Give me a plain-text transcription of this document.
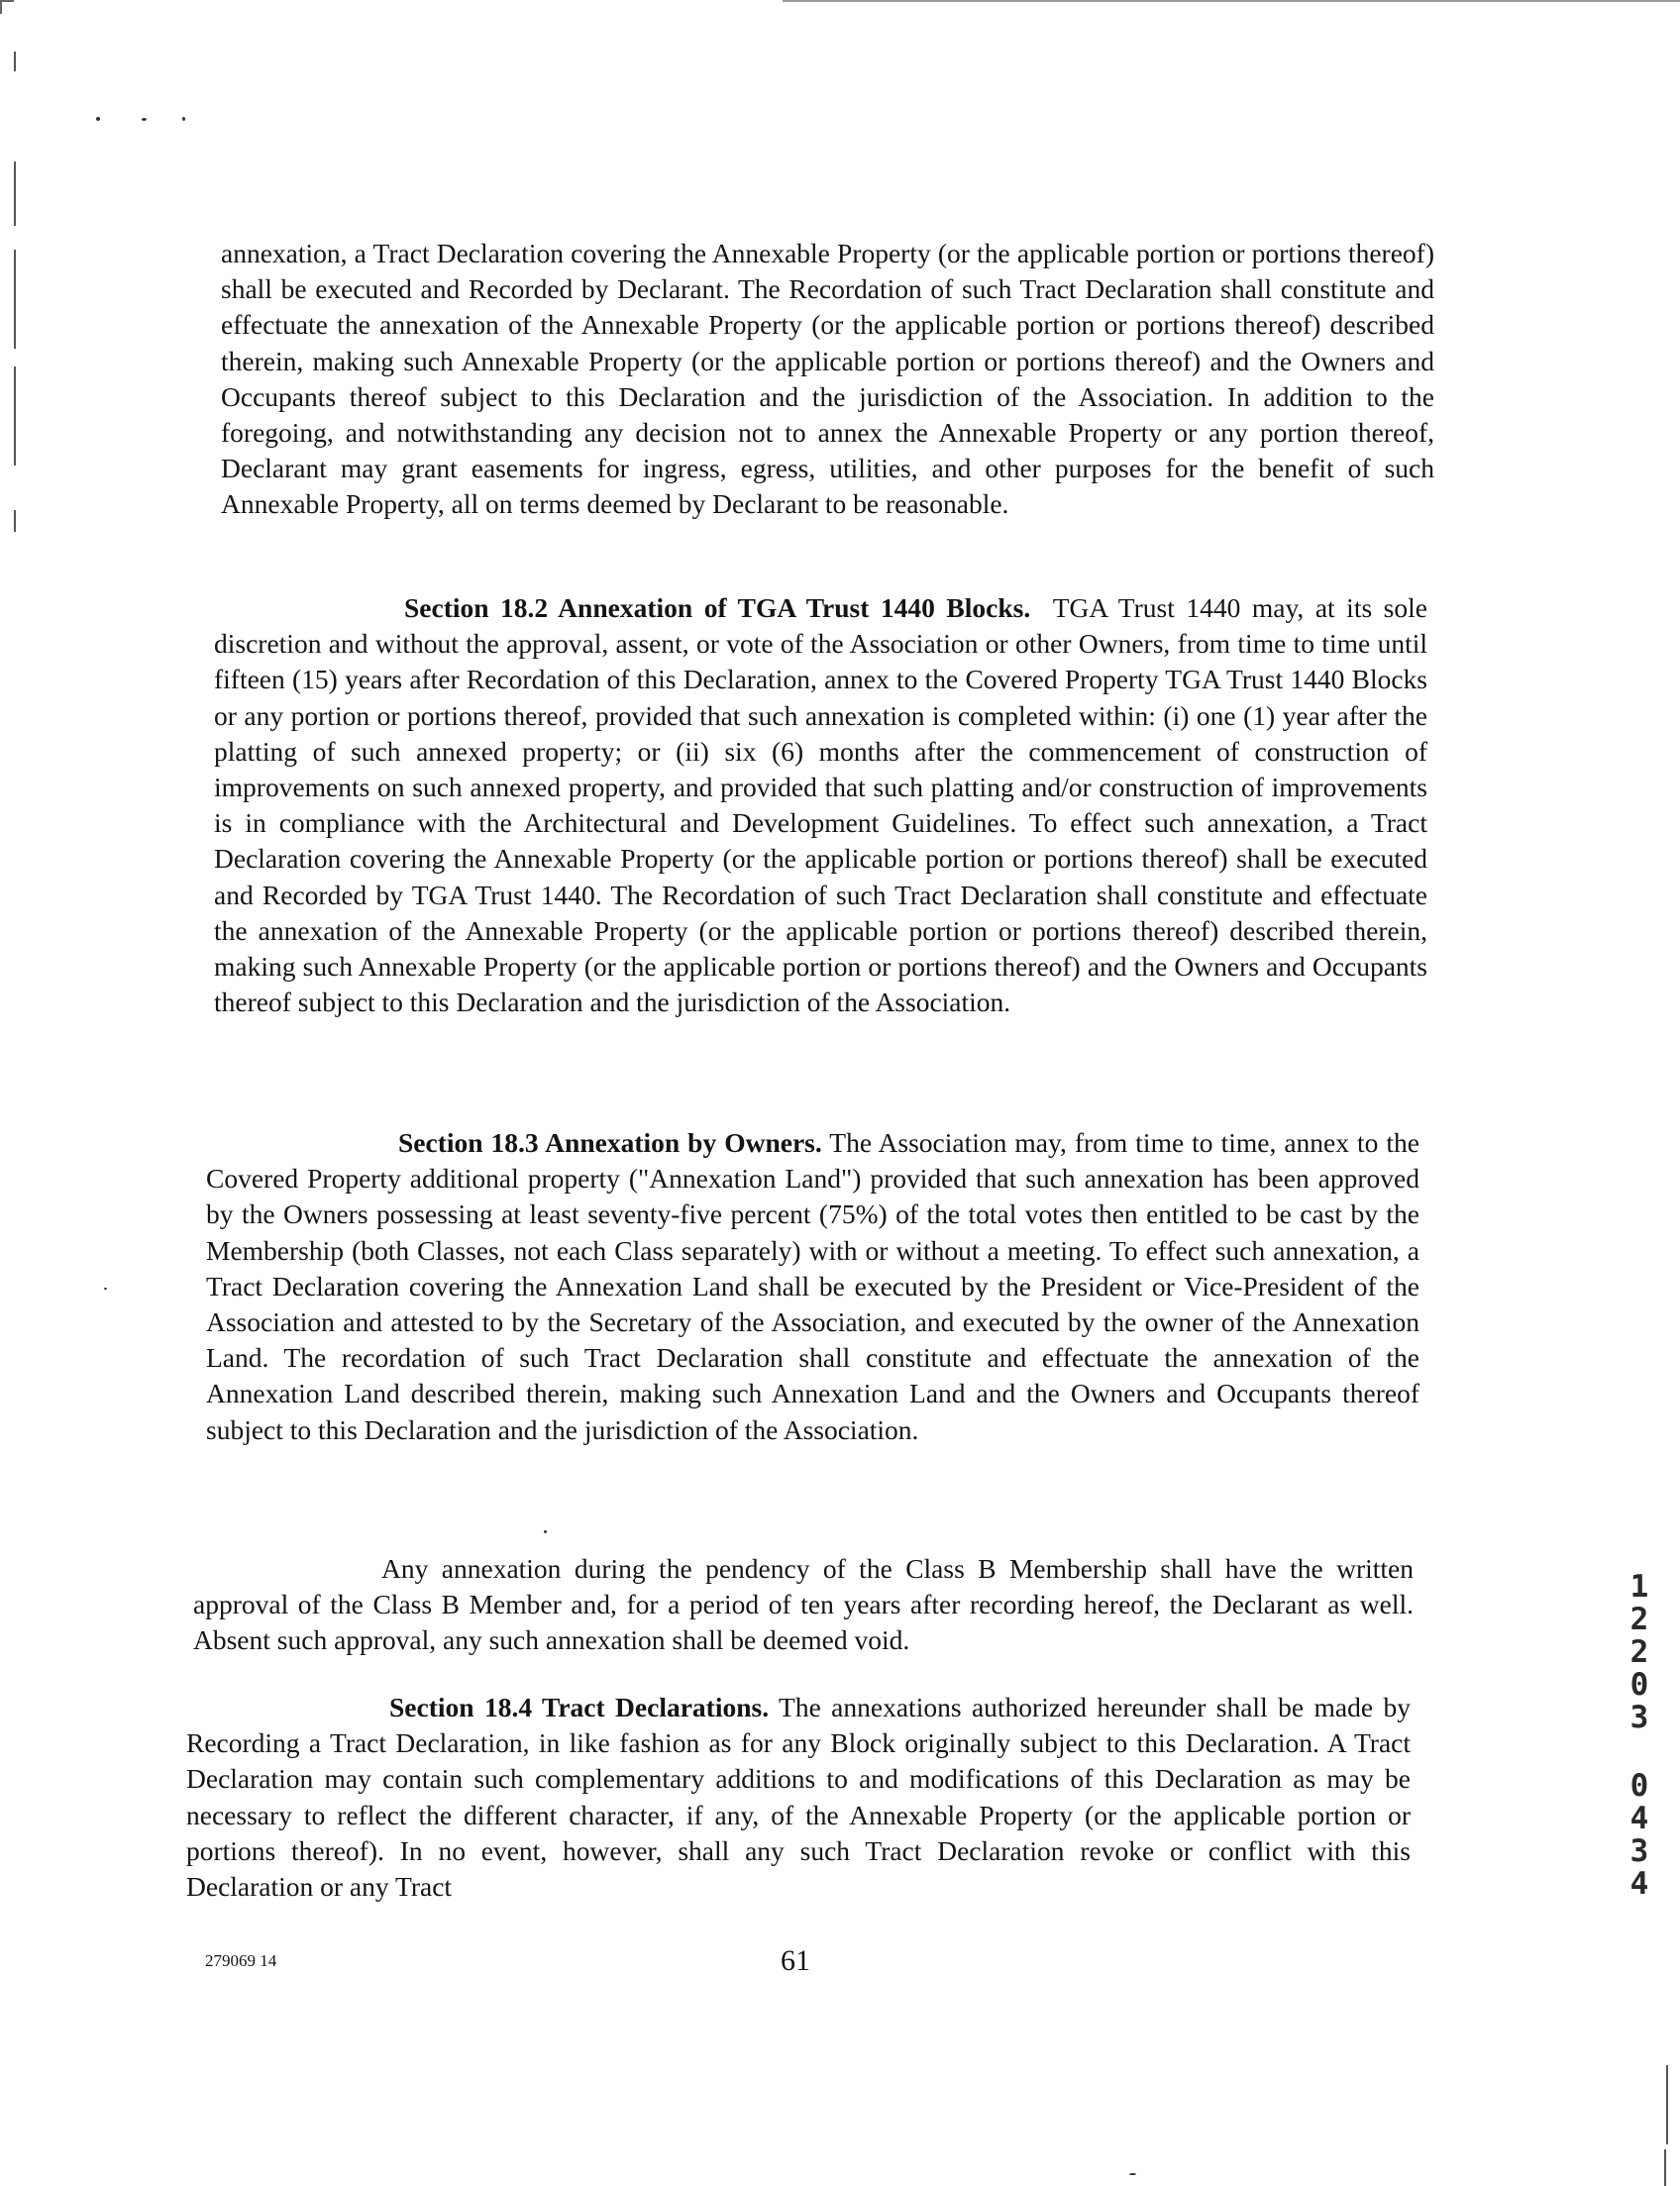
annexation, a Tract Declaration covering the Annexable Property (or the applicable portion or portions thereof) shall be executed and Recorded by Declarant. The Recordation of such Tract Declaration shall constitute and effectuate the annexation of the Annexable Property (or the applicable portion or portions thereof) described therein, making such Annexable Property (or the applicable portion or portions thereof) and the Owners and Occupants thereof subject to this Declaration and the jurisdiction of the Association. In addition to the foregoing, and notwithstanding any decision not to annex the Annexable Property or any portion thereof, Declarant may grant easements for ingress, egress, utilities, and other purposes for the benefit of such Annexable Property, all on terms deemed by Declarant to be reasonable.

Section 18.2 Annexation of TGA Trust 1440 Blocks. TGA Trust 1440 may, at its sole discretion and without the approval, assent, or vote of the Association or other Owners, from time to time until fifteen (15) years after Recordation of this Declaration, annex to the Covered Property TGA Trust 1440 Blocks or any portion or portions thereof, provided that such annexation is completed within: (i) one (1) year after the platting of such annexed property; or (ii) six (6) months after the commencement of construction of improvements on such annexed property, and provided that such platting and/or construction of improvements is in compliance with the Architectural and Development Guidelines. To effect such annexation, a Tract Declaration covering the Annexable Property (or the applicable portion or portions thereof) shall be executed and Recorded by TGA Trust 1440. The Recordation of such Tract Declaration shall constitute and effectuate the annexation of the Annexable Property (or the applicable portion or portions thereof) described therein, making such Annexable Property (or the applicable portion or portions thereof) and the Owners and Occupants thereof subject to this Declaration and the jurisdiction of the Association.

Section 18.3 Annexation by Owners. The Association may, from time to time, annex to the Covered Property additional property ("Annexation Land") provided that such annexation has been approved by the Owners possessing at least seventy-five percent (75%) of the total votes then entitled to be cast by the Membership (both Classes, not each Class separately) with or without a meeting. To effect such annexation, a Tract Declaration covering the Annexation Land shall be executed by the President or Vice-President of the Association and attested to by the Secretary of the Association, and executed by the owner of the Annexation Land. The recordation of such Tract Declaration shall constitute and effectuate the annexation of the Annexation Land described therein, making such Annexation Land and the Owners and Occupants thereof subject to this Declaration and the jurisdiction of the Association.

Any annexation during the pendency of the Class B Membership shall have the written approval of the Class B Member and, for a period of ten years after recording hereof, the Declarant as well. Absent such approval, any such annexation shall be deemed void.

Section 18.4 Tract Declarations. The annexations authorized hereunder shall be made by Recording a Tract Declaration, in like fashion as for any Block originally subject to this Declaration. A Tract Declaration may contain such complementary additions to and modifications of this Declaration as may be necessary to reflect the different character, if any, of the Annexable Property (or the applicable portion or portions thereof). In no event, however, shall any such Tract Declaration revoke or conflict with this Declaration or any Tract

279069 14	61
1
2
2
0
3
0
4
3
4
